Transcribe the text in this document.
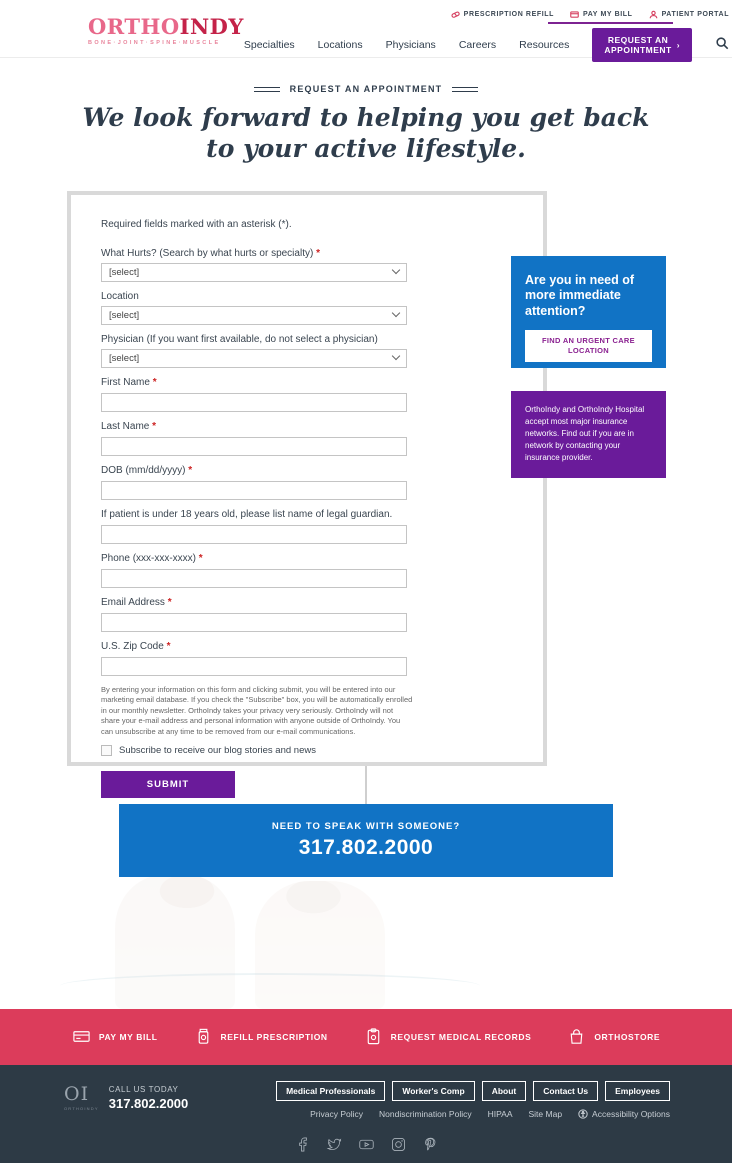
ORTHOINDY
BONE·JOINT·SPINE·MUSCLE
PRESCRIPTION REFILL	PAY MY BILL	PATIENT PORTAL
Specialties Locations Physicians Careers Resources	REQUEST AN APPOINTMENT ›
REQUEST AN APPOINTMENT
We look forward to helping you get back to your active lifestyle.
Required fields marked with an asterisk (*).
What Hurts? (Search by what hurts or specialty) *
[select]
Location
[select]
Physician (If you want first available, do not select a physician)
[select]
First Name *
Last Name *
DOB (mm/dd/yyyy) *
If patient is under 18 years old, please list name of legal guardian.
Phone (xxx-xxx-xxxx) *
Email Address *
U.S. Zip Code *
By entering your information on this form and clicking submit, you will be entered into our marketing email database. If you check the "Subscribe" box, you will be automatically enrolled in our monthly newsletter. OrthoIndy takes your privacy very seriously. OrthoIndy will not share your e-mail address and personal information with anyone outside of OrthoIndy. You can unsubscribe at any time to be removed from our e-mail communications.
Subscribe to receive our blog stories and news
SUBMIT
Are you in need of more immediate attention?
FIND AN URGENT CARE LOCATION
OrthoIndy and OrthoIndy Hospital accept most major insurance networks. Find out if you are in network by contacting your insurance provider.
NEED TO SPEAK WITH SOMEONE?
317.802.2000
PAY MY BILL	REFILL PRESCRIPTION	REQUEST MEDICAL RECORDS	ORTHOSTORE
OI
ORTHOINDY
CALL US TODAY
317.802.2000
Medical Professionals	Worker's Comp	About	Contact Us	Employees
Privacy Policy Nondiscrimination Policy HIPAA Site Map	Accessibility Options
